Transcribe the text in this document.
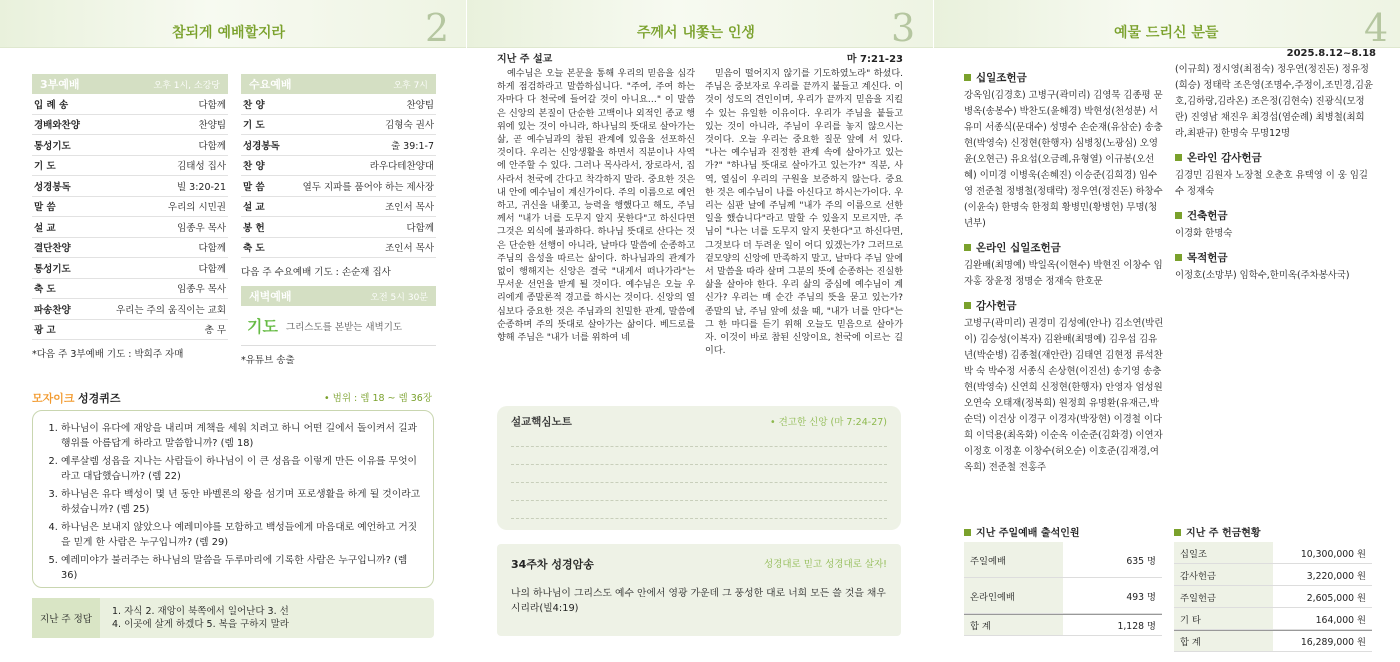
참되게 예배할지라	2
3부예배	오후 1시, 소강당
입 례 송	다함께
경배와찬양	찬양팀
통성기도	다함께
기 도	김태성 집사
성경봉독	빌 3:20-21
말 씀	우리의 시민권
설 교	임종우 목사
결단찬양	다함께
통성기도	다함께
축 도	임종우 목사
파송찬양	우리는 주의 움직이는 교회
광 고	총 무
*다음 주 3부예배 기도 : 박희주 자매
수요예배	오후 7시
찬 양	찬양팀
기 도	김형숙 권사
성경봉독	출 39:1-7
찬 양	라우다테찬양대
말 씀	열두 지파를 품어야 하는 제사장
설 교	조인서 목사
봉 헌	다함께
축 도	조인서 목사
다음 주 수요예배 기도 : 손순재 집사
새벽예배	오전 5시 30분
기도 그리스도를 본받는 새벽기도
*유튜브 송출
모자이크 성경퀴즈	• 범위 : 렘 18 ~ 렘 36장
1. 하나님이 유다에 재앙을 내리며 계책을 세워 치려고 하니 어떤 길에서 돌이켜서 길과 행위를 아름답게 하라고 말씀합니까? (렘 18)
2. 예루살렘 성읍을 지나는 사람들이 하나님이 이 큰 성읍을 이렇게 만든 이유를 무엇이라고 대답했습니까? (렘 22)
3. 하나님은 유다 백성이 몇 년 동안 바벨론의 왕을 섬기며 포로생활을 하게 될 것이라고 하셨습니까? (렘 25)
4. 하나님은 보내지 않았으나 예레미야를 모함하고 백성들에게 마음대로 예언하고 거짓을 믿게 한 사람은 누구입니까? (렘 29)
5. 예레미야가 불러주는 하나님의 말씀을 두루마리에 기록한 사람은 누구입니까? (렘 36)
지난 주 정답
1. 자식 2. 재앙이 북쪽에서 일어난다 3. 선
4. 이곳에 살게 하겠다 5. 복을 구하지 말라
주께서 내쫓는 인생	3
지난 주 설교	마 7:21-23

예수님은 오늘 본문을 통해 우리의 믿음을 심각하게 점검하라고 말씀하십니다. "주여, 주여 하는 자마다 다 천국에 들어갈 것이 아니요…" 이 말씀은 신앙의 본질이 단순한 고백이나 외적인 종교 행위에 있는 것이 아니라, 하나님의 뜻대로 살아가는 삶, 곧 예수님과의 참된 관계에 있음을 선포하신 것이다. 우리는 신앙생활을 하면서 직분이나 사역에 안주할 수 있다. 그러나 목사라서, 장로라서, 집사라서 천국에 간다고 착각하지 말라. 중요한 것은 내 안에 예수님이 계신가이다. 주의 이름으로 예언하고, 귀신을 내쫓고, 능력을 행했다고 해도, 주님께서 "내가 너를 도무지 알지 못한다"고 하신다면 그것은 외식에 불과하다. 하나님 뜻대로 산다는 것은 단순한 선행이 아니라, 날마다 말씀에 순종하고 주님의 음성을 따르는 삶이다. 하나님과의 관계가 없이 행해지는 신앙은 결국 "내게서 떠나가라"는 무서운 선언을 받게 될 것이다. 예수님은 오늘 우리에게 종말론적 경고를 하시는 것이다. 신앙의 열심보다 중요한 것은 주님과의 친밀한 관계, 말씀에 순종하며 주의 뜻대로 살아가는 삶이다. 베드로를 향해 주님은 "내가 너를 위하여 네

믿음이 떨어지지 않기를 기도하였노라" 하셨다. 주님은 중보자로 우리를 끝까지 붙들고 계신다. 이것이 성도의 견인이며, 우리가 끝까지 믿음을 지킬 수 있는 유일한 이유이다. 우리가 주님을 붙들고 있는 것이 아니라, 주님이 우리를 놓지 않으시는 것이다. 오늘 우리는 중요한 질문 앞에 서 있다. "나는 예수님과 진정한 관계 속에 살아가고 있는가?" "하나님 뜻대로 살아가고 있는가?" 직분, 사역, 열심이 우리의 구원을 보증하지 않는다. 중요한 것은 예수님이 나를 아신다고 하시는가이다. 우리는 심판 날에 주님께 "내가 주의 이름으로 선한 일을 했습니다"라고 말할 수 있을지 모르지만, 주님이 "나는 너를 도무지 알지 못한다"고 하신다면, 그것보다 더 두려운 일이 어디 있겠는가? 그러므로 겉모양의 신앙에 만족하지 말고, 날마다 주님 앞에서 말씀을 따라 살며 그분의 뜻에 순종하는 진실한 삶을 살아야 한다. 우리 삶의 중심에 예수님이 계신가? 우리는 매 순간 주님의 뜻을 묻고 있는가? 종말의 날, 주님 앞에 섰을 때, "내가 너를 안다"는 그 한 마디를 듣기 위해 오늘도 믿음으로 살아가자. 이것이 바로 참된 신앙이요, 천국에 이르는 길이다.

설교핵심노트	• 견고한 신앙 (마 7:24-27)
34주차 성경암송	성경대로 믿고 성경대로 살자!

나의 하나님이 그리스도 예수 안에서 영광 가운데 그 풍성한 대로 너희 모든 쓸 것을 채우시리라(빌4:19)

예물 드리신 분들	4
2025.8.12~8.18
십일조헌금

강옥임(김경호) 고병구(곽미리) 김영묵 김종평 문병옥(송봉수) 박찬도(윤해경) 박현성(천성분) 서유미 서종식(문대수) 성명수 손순재(유삼순) 송충현(박영숙) 신정현(한행자) 심병칭(노광심) 오영윤(오현근) 유요섭(오금례,유형열) 이규봉(오선혜) 이미경 이병욱(손혜진) 이승준(김희경) 임수영 전준철 정병철(정태락) 정우연(정진돈) 하창수(이윤숙) 한명숙 한정희 황병민(황병헌) 무명(청년부)

온라인 십일조헌금

김완배(최명예) 박일옥(이현수) 박현진 이창수 임자홍 장윤정 정명순 정재숙 한호문

감사헌금

고병구(곽미리) 권경미 김성예(안나) 김소연(박린이) 김승성(이복자) 김완배(최명예) 김우섭 김유년(박순병) 김종철(재안란) 김태연 김현정 류석찬 박 숙 박수정 서종식 손상현(이진선) 송기영 송충현(박영숙) 신연희 신정현(한행자) 안영자 엄성원 오연숙 오태재(정복희) 원정희 유명환(유재근,박순덕) 이건상 이경구 이경자(박장현) 이경철 이다희 이덕용(최옥화) 이순옥 이순준(김화경) 이연자 이정호 이정훈 이창수(허오순) 이호준(김재경,여옥희) 전준철 전홍주

(이규희) 정시영(최점숙) 정우연(정진돈) 정유정(희승) 정태락 조은영(조명수,주정이,조민경,김윤호,김하랑,김라온) 조은정(김현숙) 진광식(모정란) 진영남 채진우 최경섭(염순례) 최병철(최희라,최판규) 한명숙 무명12명

온라인 감사헌금

김경민 김원자 노장철 오춘호 유택영 이 웅 임길수 정재숙

건축헌금

이경화 한명숙

목적헌금

이정호(소망부) 임학수,한미옥(주차봉사국)

지난 주일예배 출석인원
주일예배	635 명
온라인예배	493 명
합 계	1,128 명
지난 주 헌금현황
십일조	10,300,000 원
감사헌금	3,220,000 원
주일헌금	2,605,000 원
기 타	164,000 원
합 계	16,289,000 원
